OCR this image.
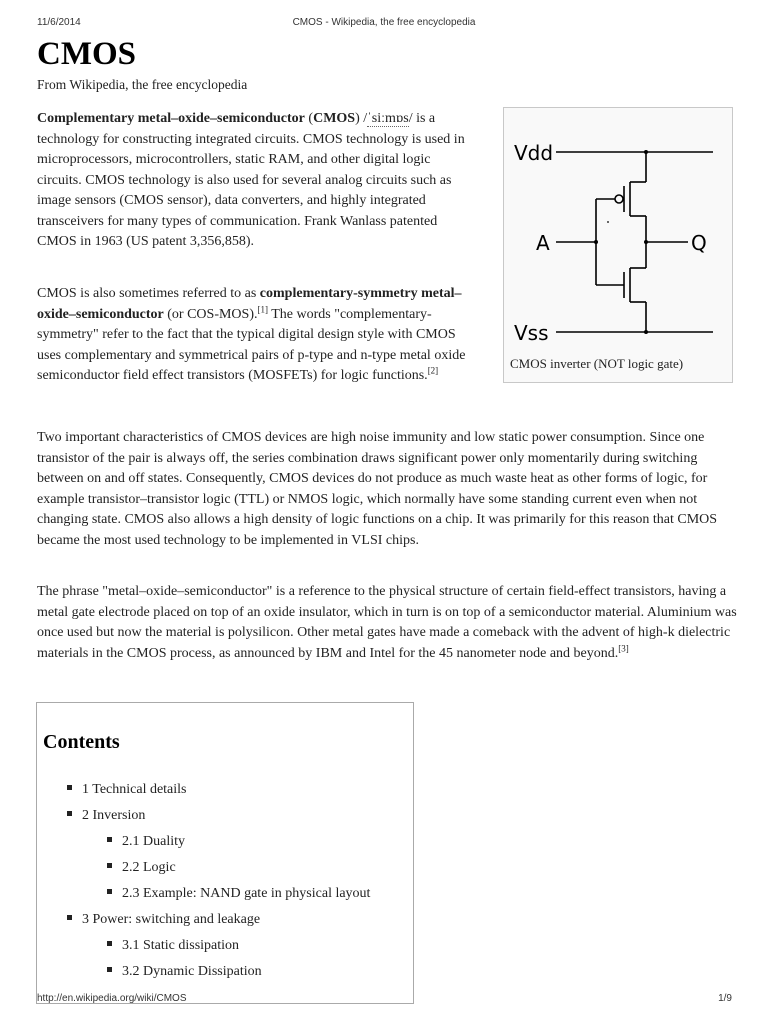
11/6/2014	CMOS - Wikipedia, the free encyclopedia
CMOS
From Wikipedia, the free encyclopedia

Complementary metal–oxide–semiconductor (CMOS) /ˈsiːmɒs/ is a technology for constructing integrated circuits. CMOS technology is used in microprocessors, microcontrollers, static RAM, and other digital logic circuits. CMOS technology is also used for several analog circuits such as image sensors (CMOS sensor), data converters, and highly integrated transceivers for many types of communication. Frank Wanlass patented CMOS in 1963 (US patent 3,356,858).

CMOS is also sometimes referred to as complementary-symmetry metal–oxide–semiconductor (or COS-MOS).[1] The words "complementary-symmetry" refer to the fact that the typical digital design style with CMOS uses complementary and symmetrical pairs of p-type and n-type metal oxide semiconductor field effect transistors (MOSFETs) for logic functions.[2]

Two important characteristics of CMOS devices are high noise immunity and low static power consumption. Since one transistor of the pair is always off, the series combination draws significant power only momentarily during switching between on and off states. Consequently, CMOS devices do not produce as much waste heat as other forms of logic, for example transistor–transistor logic (TTL) or NMOS logic, which normally have some standing current even when not changing state. CMOS also allows a high density of logic functions on a chip. It was primarily for this reason that CMOS became the most used technology to be implemented in VLSI chips.

The phrase "metal–oxide–semiconductor" is a reference to the physical structure of certain field-effect transistors, having a metal gate electrode placed on top of an oxide insulator, which in turn is on top of a semiconductor material. Aluminium was once used but now the material is polysilicon. Other metal gates have made a comeback with the advent of high-k dielectric materials in the CMOS process, as announced by IBM and Intel for the 45 nanometer node and beyond.[3]

Vdd
A	Q
Vss
CMOS inverter (NOT logic gate)
Contents
1 Technical details
2 Inversion
2.1 Duality
2.2 Logic
2.3 Example: NAND gate in physical layout
3 Power: switching and leakage
3.1 Static dissipation
3.2 Dynamic Dissipation
http://en.wikipedia.org/wiki/CMOS	1/9
